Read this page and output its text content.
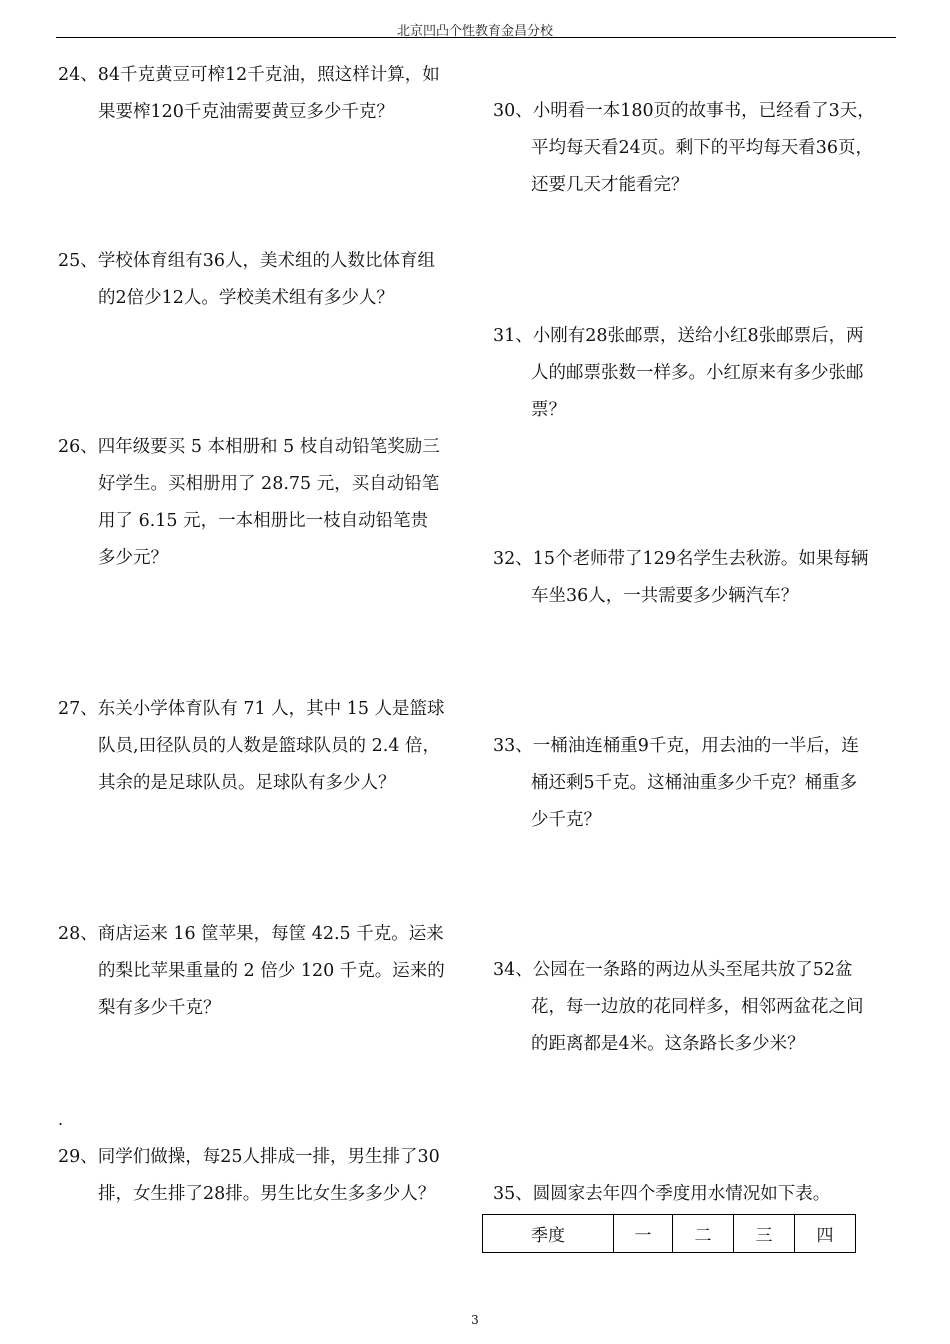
北京凹凸个性教育金昌分校
24、84千克黄豆可榨12千克油，照这样计算，如
果要榨120千克油需要黄豆多少千克？
25、学校体育组有36人，美术组的人数比体育组
的2倍少12人。学校美术组有多少人？
26、四年级要买 5 本相册和 5 枝自动铅笔奖励三
好学生。买相册用了 28.75 元，买自动铅笔
用了 6.15 元，一本相册比一枝自动铅笔贵
多少元？
27、东关小学体育队有 71 人，其中 15 人是篮球
队员,田径队员的人数是篮球队员的 2.4 倍，
其余的是足球队员。足球队有多少人？
28、商店运来 16 筐苹果，每筐 42.5 千克。运来
的梨比苹果重量的 2 倍少 120 千克。运来的
梨有多少千克？
.
29、同学们做操，每25人排成一排，男生排了30
排，女生排了28排。男生比女生多多少人？
30、小明看一本180页的故事书，已经看了3天，
平均每天看24页。剩下的平均每天看36页，
还要几天才能看完？
31、小刚有28张邮票，送给小红8张邮票后，两
人的邮票张数一样多。小红原来有多少张邮
票？
32、15个老师带了129名学生去秋游。如果每辆
车坐36人，一共需要多少辆汽车？
33、一桶油连桶重9千克，用去油的一半后，连
桶还剩5千克。这桶油重多少千克？桶重多
少千克？
34、公园在一条路的两边从头至尾共放了52盆
花，每一边放的花同样多，相邻两盆花之间
的距离都是4米。这条路长多少米？
35、圆圆家去年四个季度用水情况如下表。
季度	一	二	三	四
3
